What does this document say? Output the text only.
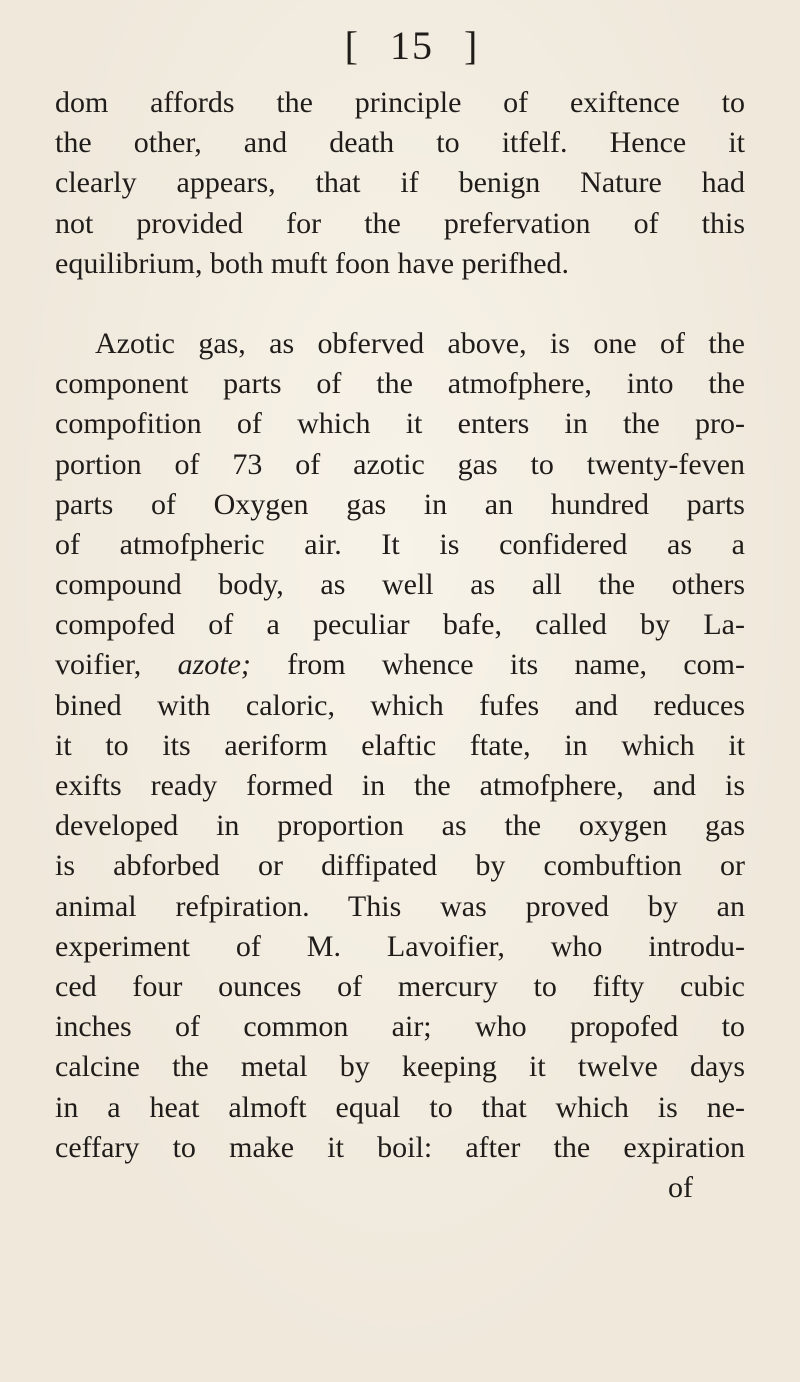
[ 15 ]
dom affords the principle of exiftence to
the other, and death to itfelf. Hence it
clearly appears, that if benign Nature had
not provided for the prefervation of this
equilibrium, both muft foon have perifhed.
Azotic gas, as obferved above, is one of the
component parts of the atmofphere, into the
compofition of which it enters in the pro-
portion of 73 of azotic gas to twenty-feven
parts of Oxygen gas in an hundred parts
of atmofpheric air. It is confidered as a
compound body, as well as all the others
compofed of a peculiar bafe, called by La-
voifier, azote; from whence its name, com-
bined with caloric, which fufes and reduces
it to its aeriform elaftic ftate, in which it
exifts ready formed in the atmofphere, and is
developed in proportion as the oxygen gas
is abforbed or diffipated by combuftion or
animal refpiration. This was proved by an
experiment of M. Lavoifier, who introdu-
ced four ounces of mercury to fifty cubic
inches of common air; who propofed to
calcine the metal by keeping it twelve days
in a heat almoft equal to that which is ne-
ceffary to make it boil: after the expiration
of
